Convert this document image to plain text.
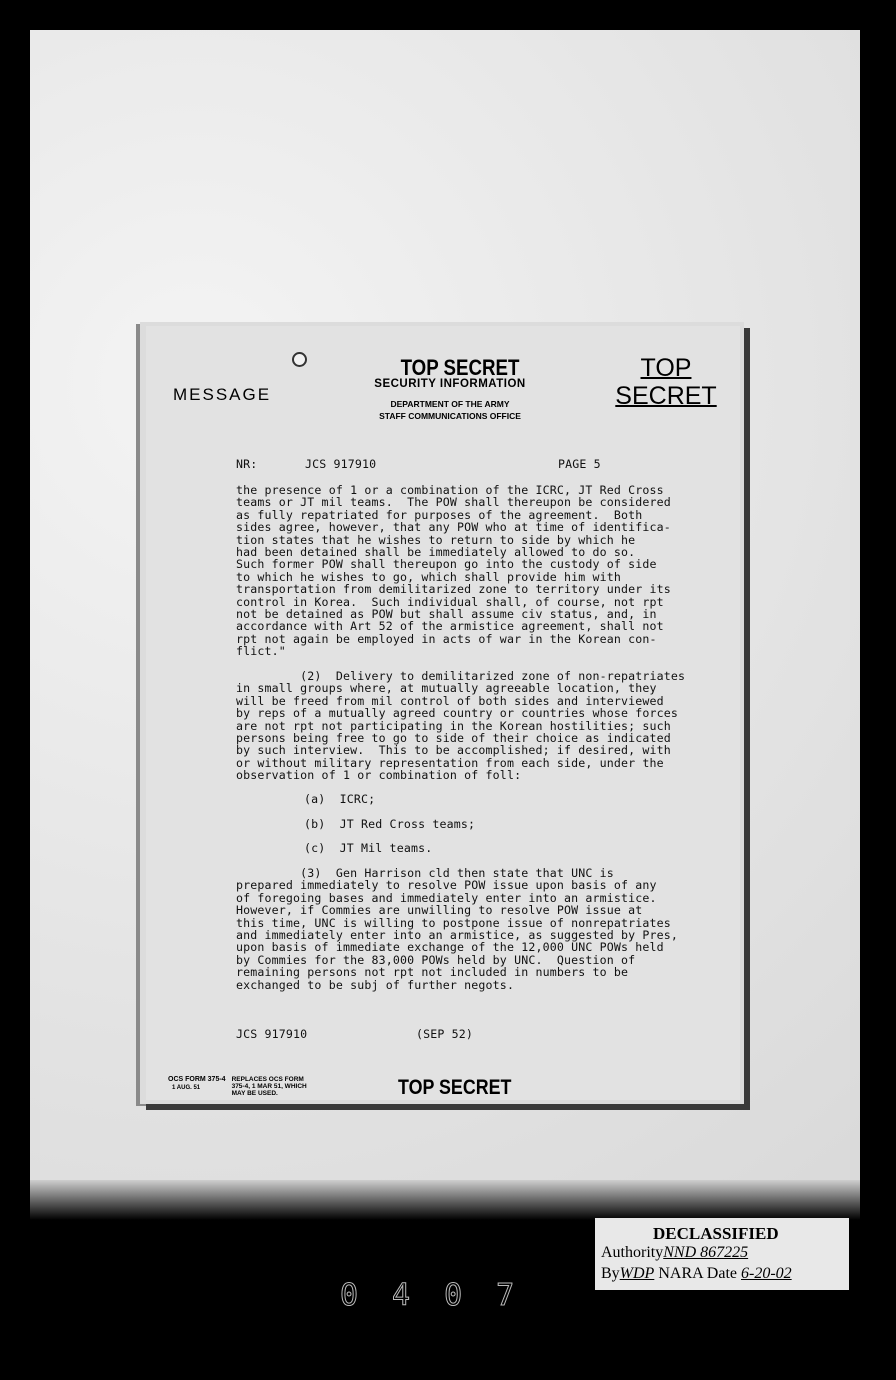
MESSAGE
TOP SECRET
SECURITY INFORMATION
DEPARTMENT OF THE ARMY
STAFF COMMUNICATIONS OFFICE
TOP
SECRET
NR:	JCS 917910	PAGE 5
the presence of 1 or a combination of the ICRC, JT Red Cross
teams or JT mil teams.  The POW shall thereupon be considered
as fully repatriated for purposes of the agreement.  Both
sides agree, however, that any POW who at time of identifica-
tion states that he wishes to return to side by which he
had been detained shall be immediately allowed to do so.
Such former POW shall thereupon go into the custody of side
to which he wishes to go, which shall provide him with
transportation from demilitarized zone to territory under its
control in Korea.  Such individual shall, of course, not rpt
not be detained as POW but shall assume civ status, and, in
accordance with Art 52 of the armistice agreement, shall not
rpt not again be employed in acts of war in the Korean con-
flict."
(2)  Delivery to demilitarized zone of non-repatriates
in small groups where, at mutually agreeable location, they
will be freed from mil control of both sides and interviewed
by reps of a mutually agreed country or countries whose forces
are not rpt not participating in the Korean hostilities; such
persons being free to go to side of their choice as indicated
by such interview.  This to be accomplished; if desired, with
or without military representation from each side, under the
observation of 1 or combination of foll:
(a)  ICRC;
(b)  JT Red Cross teams;
(c)  JT Mil teams.
(3)  Gen Harrison cld then state that UNC is
prepared immediately to resolve POW issue upon basis of any
of foregoing bases and immediately enter into an armistice.
However, if Commies are unwilling to resolve POW issue at
this time, UNC is willing to postpone issue of nonrepatriates
and immediately enter into an armistice, as suggested by Pres,
upon basis of immediate exchange of the 12,000 UNC POWs held
by Commies for the 83,000 POWs held by UNC.  Question of
remaining persons not rpt not included in numbers to be
exchanged to be subj of further negots.
JCS 917910	(SEP 52)
OCS FORM 375-4
1 AUG. 51
REPLACES OCS FORM
375-4, 1 MAR 51, WHICH
MAY BE USED.	TOP SECRET
DECLASSIFIED
AuthorityNND 867225
ByWDP NARA Date 6-20-02
0407
